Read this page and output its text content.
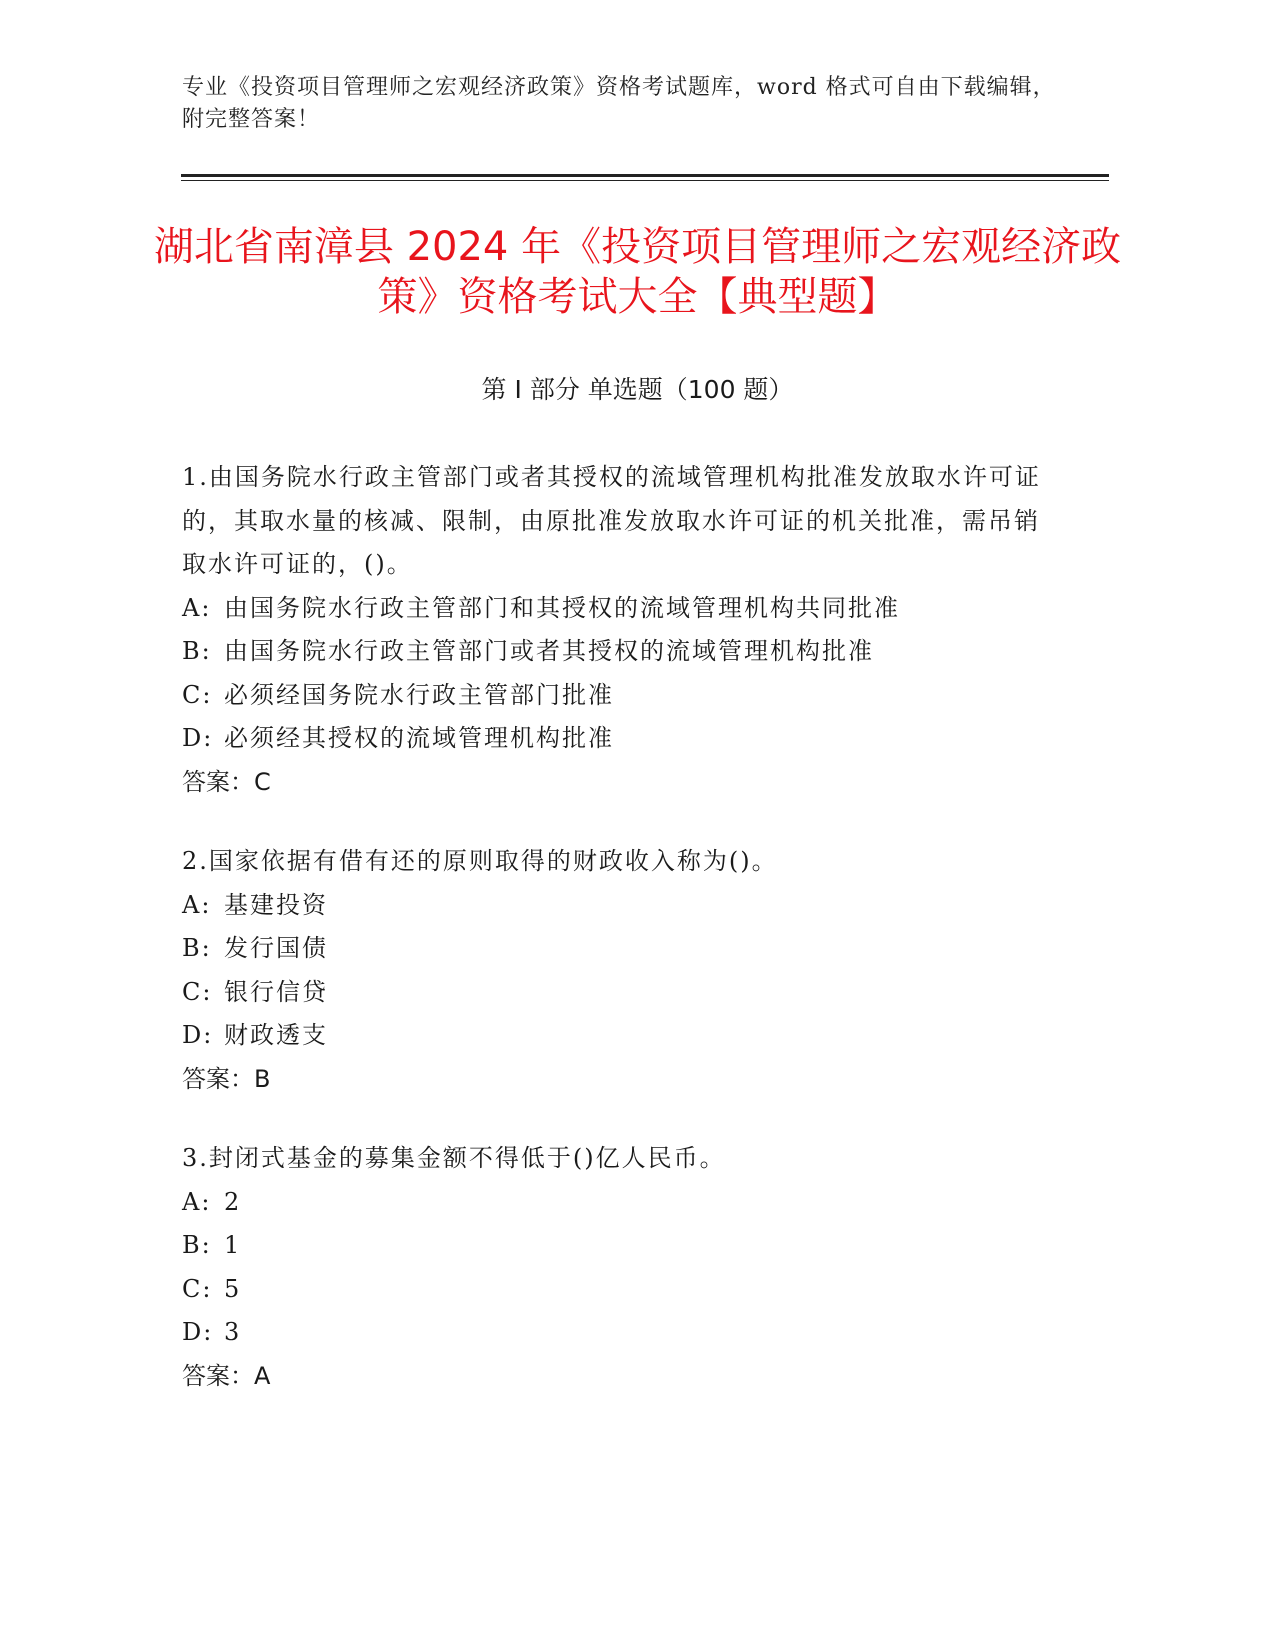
专业《投资项目管理师之宏观经济政策》资格考试题库，word 格式可自由下载编辑，附完整答案！
湖北省南漳县 2024 年《投资项目管理师之宏观经济政策》资格考试大全【典型题】
第 I 部分 单选题（100 题）

1.由国务院水行政主管部门或者其授权的流域管理机构批准发放取水许可证的，其取水量的核减、限制，由原批准发放取水许可证的机关批准，需吊销取水许可证的，()。

A: 由国务院水行政主管部门和其授权的流域管理机构共同批准

B: 由国务院水行政主管部门或者其授权的流域管理机构批准

C: 必须经国务院水行政主管部门批准

D: 必须经其授权的流域管理机构批准

答案：C

2.国家依据有借有还的原则取得的财政收入称为()。

A: 基建投资

B: 发行国债

C: 银行信贷

D: 财政透支

答案：B

3.封闭式基金的募集金额不得低于()亿人民币。

A: 2

B: 1

C: 5

D: 3

答案：A
